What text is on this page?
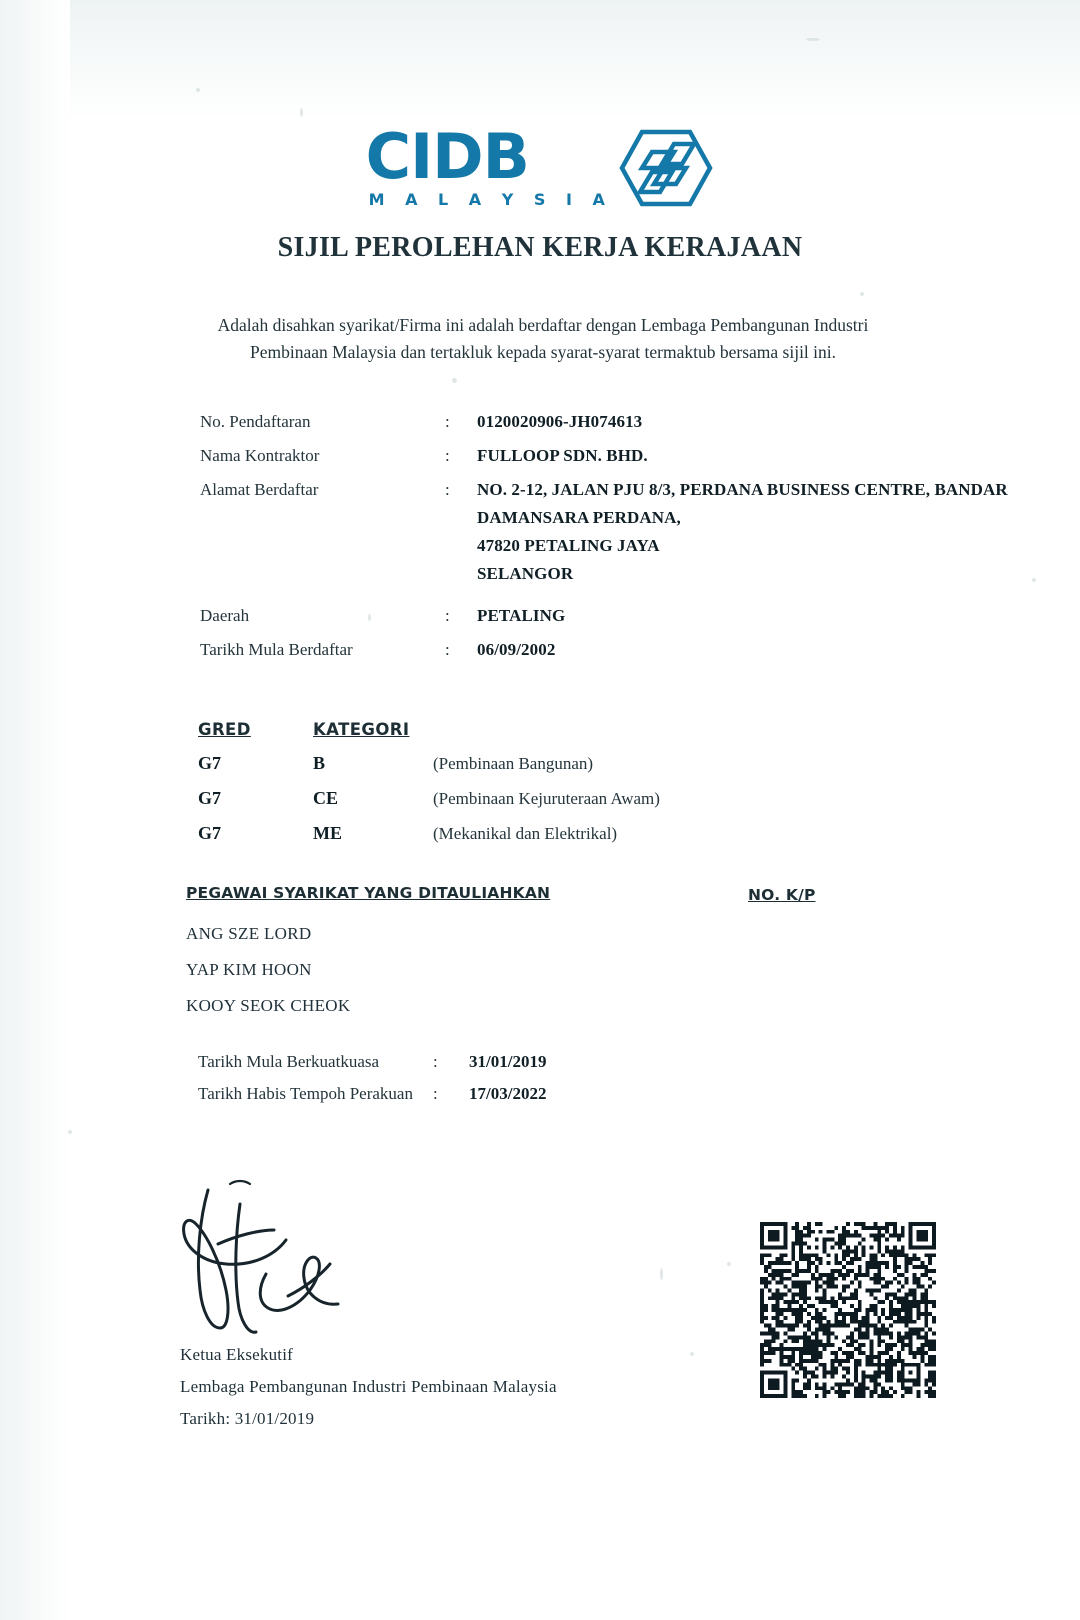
CIDB
M A L A Y S I A

SIJIL PEROLEHAN KERJA KERAJAAN
Adalah disahkan syarikat/Firma ini adalah berdaftar dengan Lembaga Pembangunan Industri Pembinaan Malaysia dan tertakluk kepada syarat-syarat termaktub bersama sijil ini.
No. Pendaftaran	:	0120020906-JH074613
Nama Kontraktor	:	FULLOOP SDN. BHD.
Alamat Berdaftar	:	NO. 2-12, JALAN PJU 8/3, PERDANA BUSINESS CENTRE, BANDAR
DAMANSARA PERDANA,
47820 PETALING JAYA
SELANGOR
Daerah	:	PETALING
Tarikh Mula Berdaftar	:	06/09/2002
GRED	KATEGORI
G7	B	(Pembinaan Bangunan)
G7	CE	(Pembinaan Kejuruteraan Awam)
G7	ME	(Mekanikal dan Elektrikal)
PEGAWAI SYARIKAT YANG DITAULIAHKAN
ANG SZE LORD
YAP KIM HOON
KOOY SEOK CHEOK
NO. K/P
Tarikh Mula Berkuatkuasa	:	31/01/2019
Tarikh Habis Tempoh Perakuan	:	17/03/2022
Ketua Eksekutif
Lembaga Pembangunan Industri Pembinaan Malaysia
Tarikh: 31/01/2019
